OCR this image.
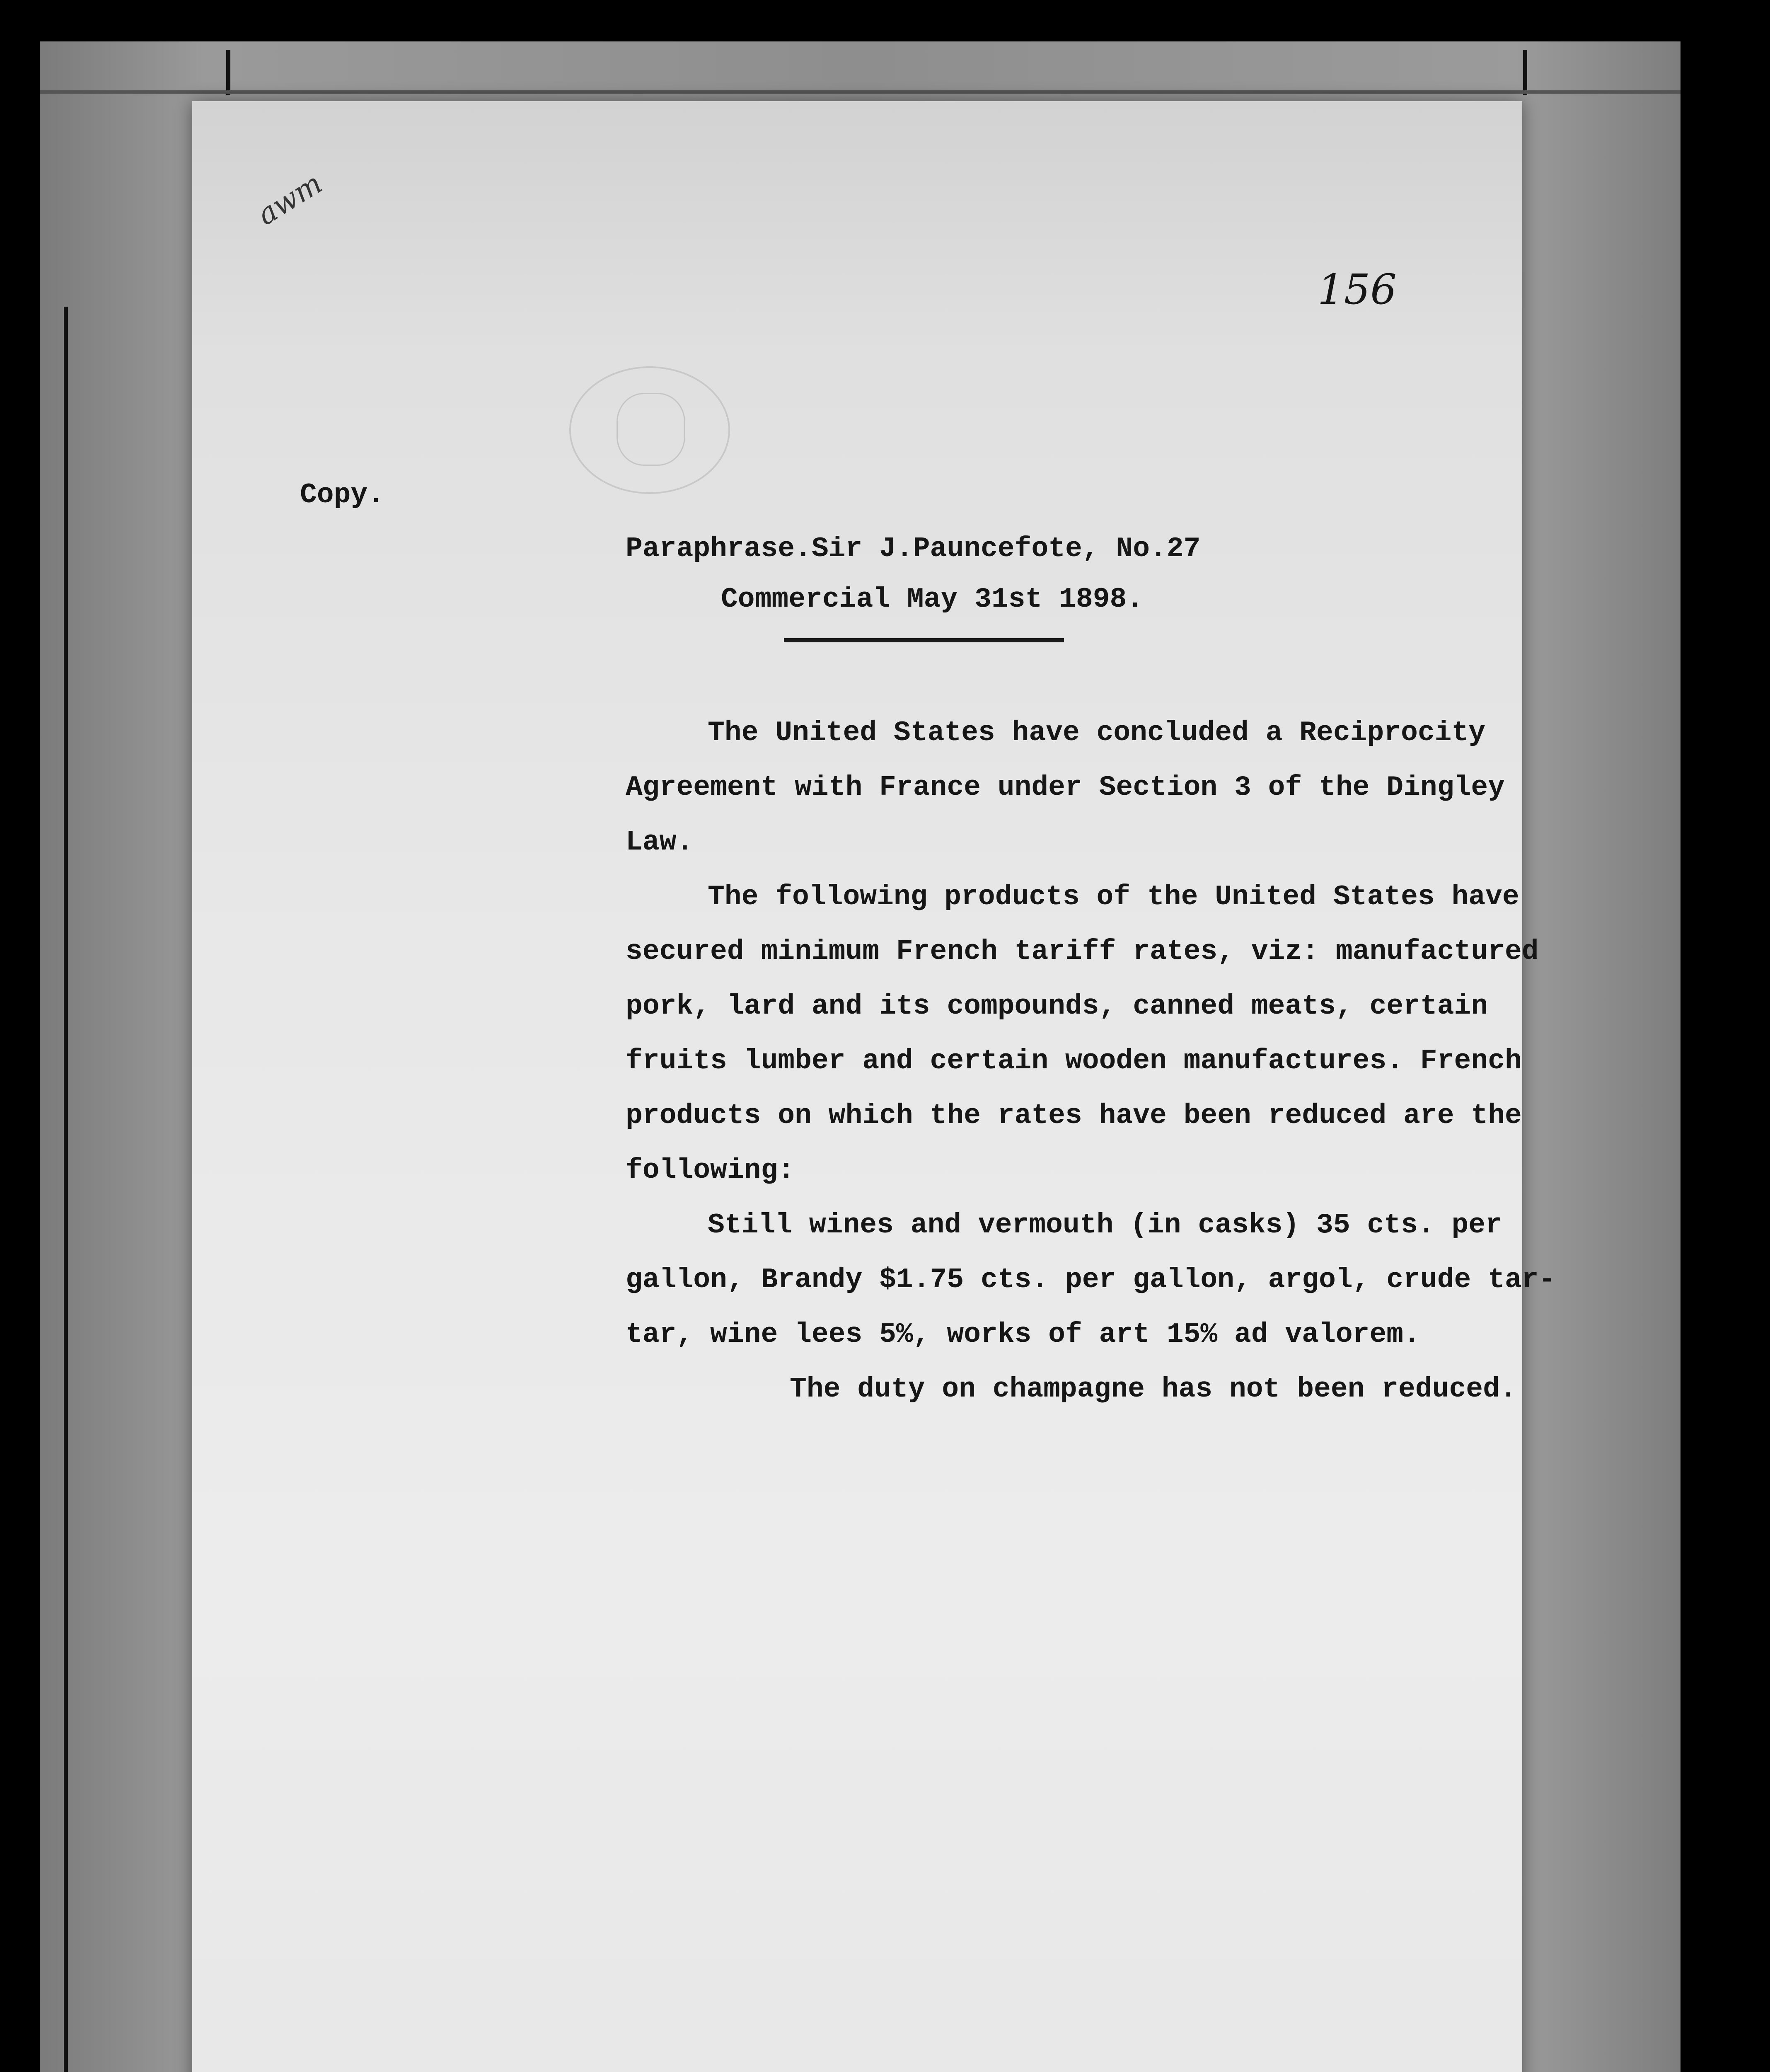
awm
156
Copy.
Paraphrase.Sir J.Pauncefote, No.27
Commercial May 31st 1898.
The United States have concluded a Reciprocity
Agreement with France under Section 3 of the Dingley
Law.
The following products of the United States have
secured minimum French tariff rates, viz: manufactured
pork, lard and its compounds, canned meats, certain
fruits lumber and certain wooden manufactures. French
products on which the rates have been reduced are the
following:
Still wines and vermouth (in casks) 35 cts. per
gallon, Brandy $1.75 cts. per gallon, argol, crude tar-
tar, wine lees 5%, works of art 15% ad valorem.
The duty on champagne has not been reduced.
